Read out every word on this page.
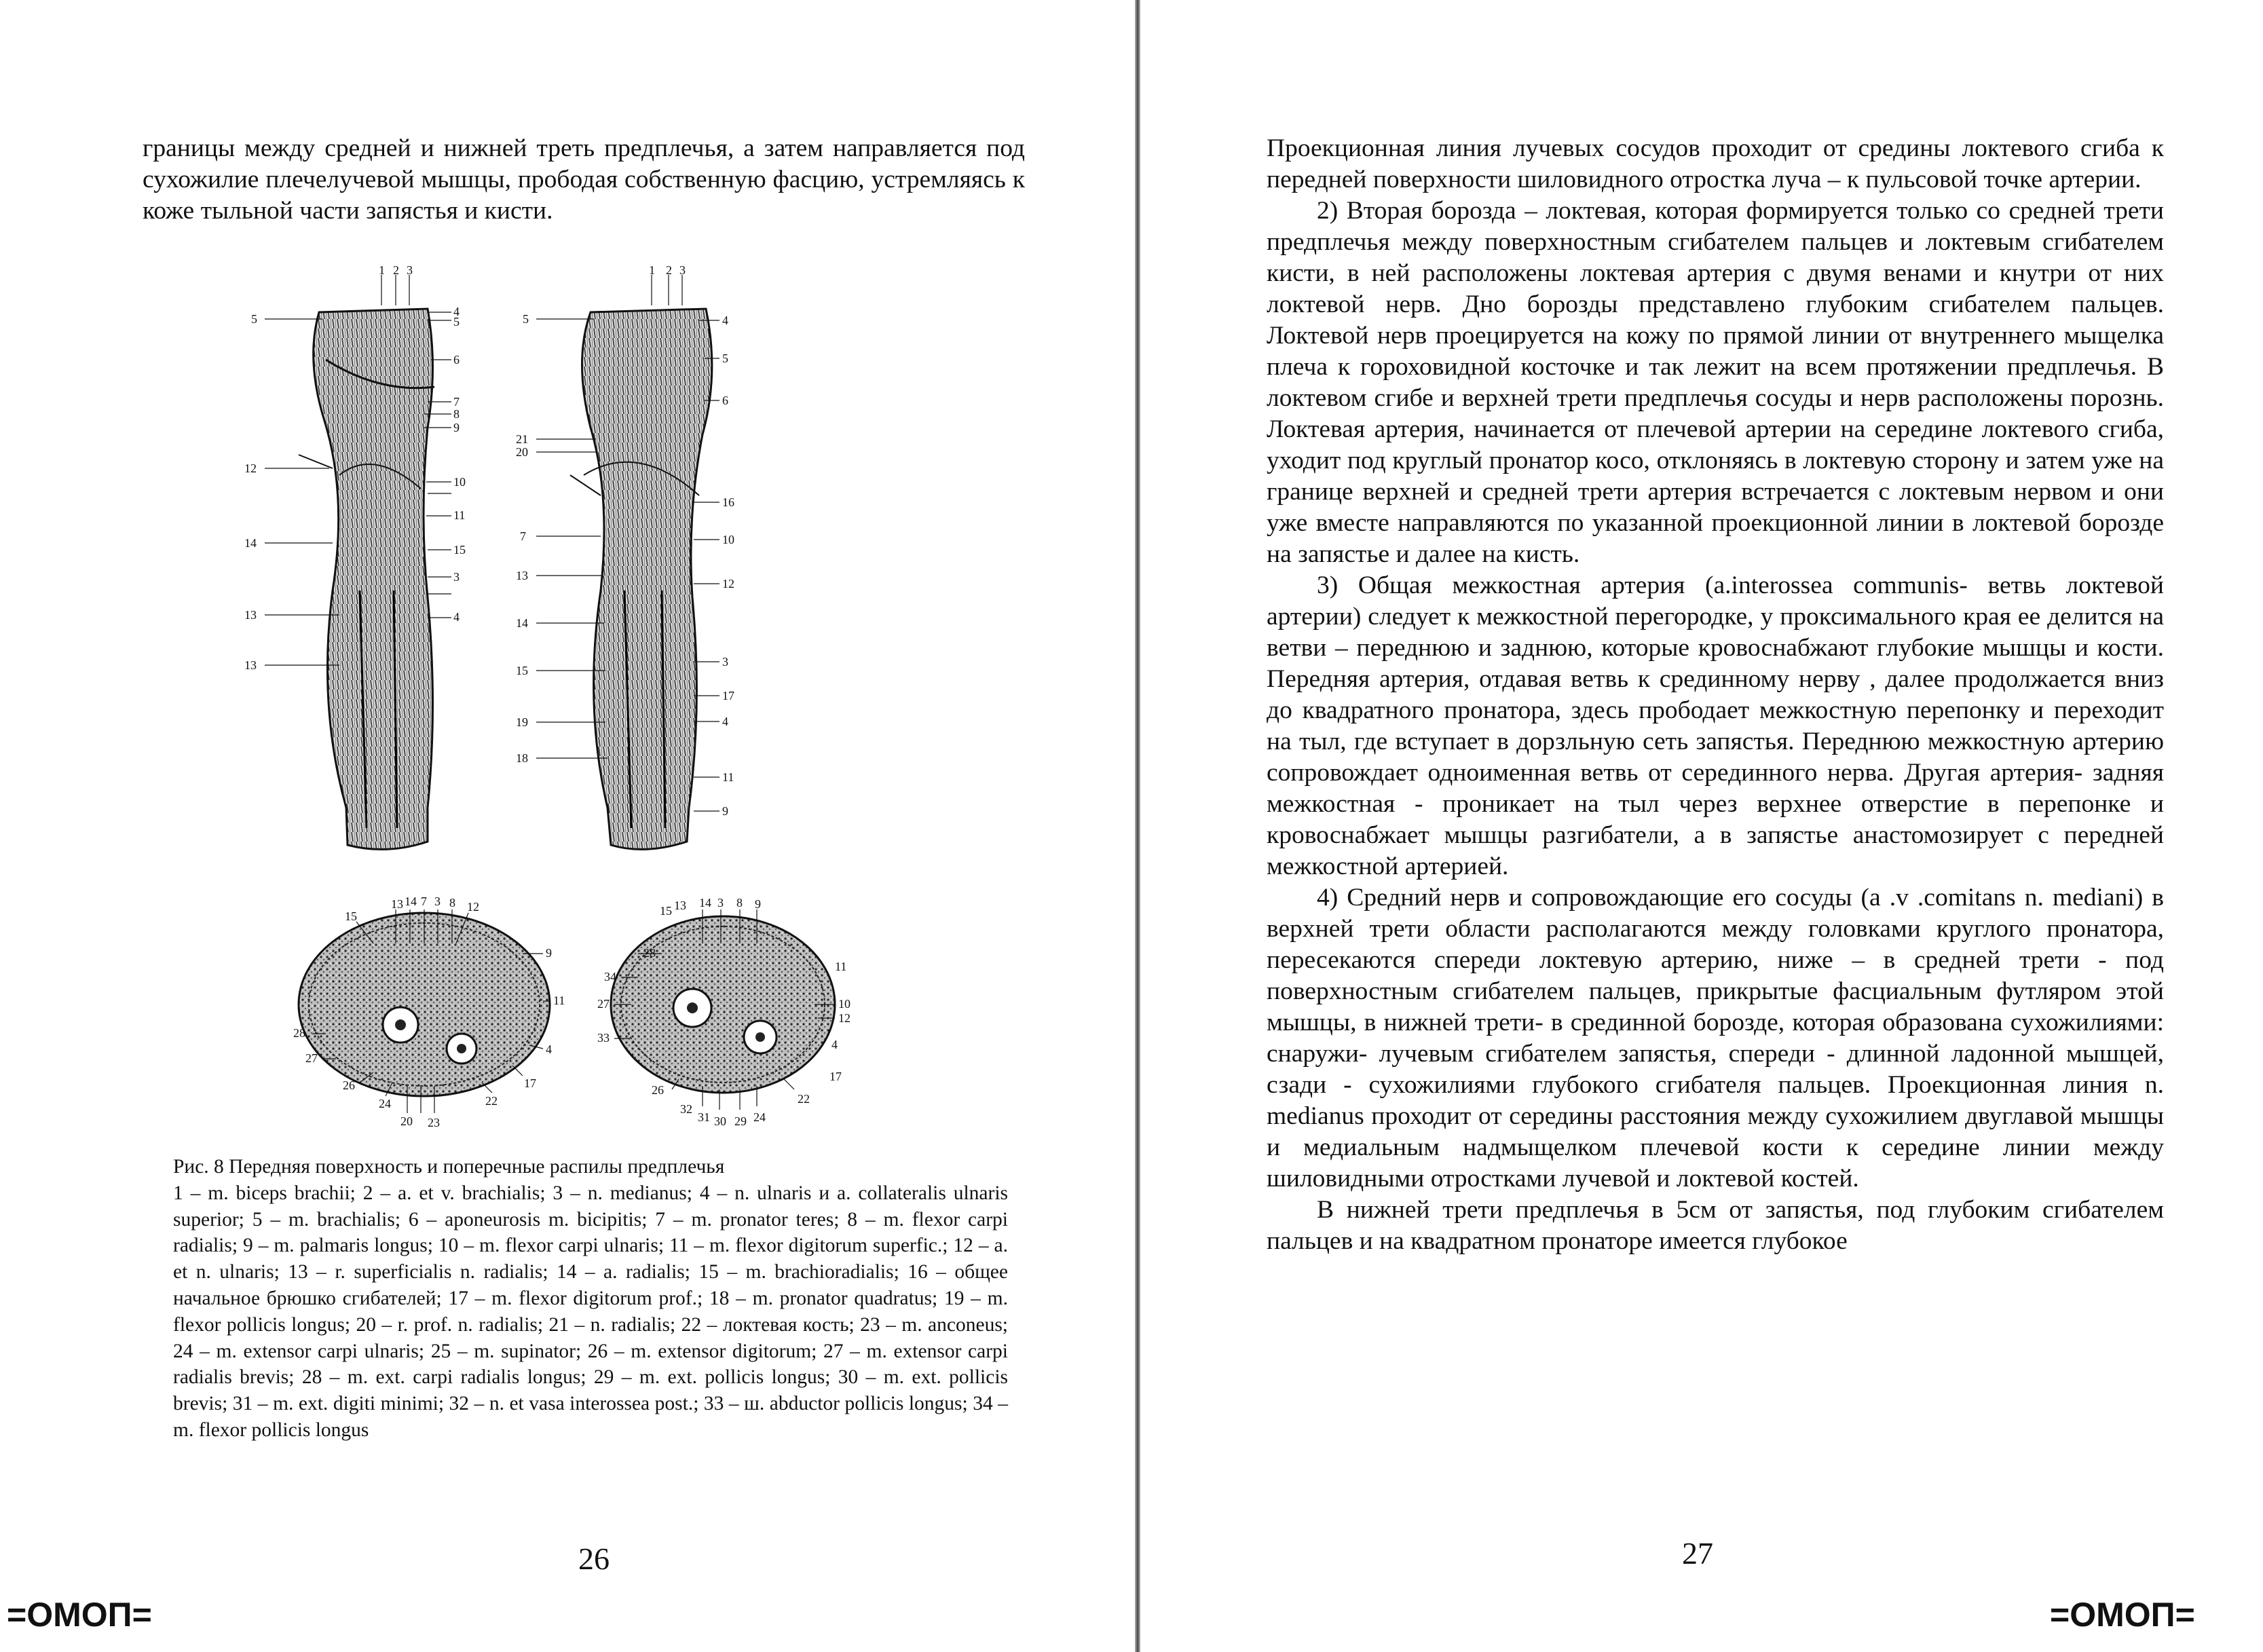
границы между средней и нижней треть предплечья, а затем направляется под сухожилие плечелучевой мышцы, прободая собственную фасцию, устремляясь к коже тыльной части запястья и кисти.

1 2 3
4
5
5
6
7
8
9
10
11
12
13
13
14	15
4
3
1 2 3
4
5
6
16
10
12
3
17
4
11
9
5
21
20
7
13
14
15
19
18
13 14 7 3 8 12
15
9
11
28
27
26
24
20 23
22
17
4
15 13 14 3 8 9
28
34
11
27	10
12
33	4
26
32
31 30 29 24
22
17
Рис. 8 Передняя поверхность и поперечные распилы предплечья
1 – m. biceps brachii; 2 – a. et v. brachialis; 3 – n. medianus; 4 – n. ulnaris и a. collateralis ulnaris superior; 5 – m. brachialis; 6 – aponeurosis m. bicipitis; 7 – m. pronator teres; 8 – m. flexor carpi radialis; 9 – m. palmaris longus; 10 – m. flexor carpi ulnaris; 11 – m. flexor digitorum superfic.; 12 – a. et n. ulnaris; 13 – r. superficialis n. radialis; 14 – a. radialis; 15 – m. brachioradialis; 16 – общее начальное брюшко сгибателей; 17 – m. flexor digitorum prof.; 18 – m. pronator quadratus; 19 – m. flexor pollicis longus; 20 – r. prof. n. radialis; 21 – n. radialis; 22 – локтевая кость; 23 – m. anconeus; 24 – m. extensor carpi ulnaris; 25 – m. supinator; 26 – m. extensor digitorum; 27 – m. extensor carpi radialis brevis; 28 – m. ext. carpi radialis longus; 29 – m. ext. pollicis longus; 30 – m. ext. pollicis brevis; 31 – m. ext. digiti minimi; 32 – n. et vasa interossea post.; 33 – ш. abductor pollicis longus; 34 – m. flexor pollicis longus
26
=ОМОП=

Проекционная линия лучевых сосудов проходит от средины локтевого сгиба к передней поверхности шиловидного отростка луча – к пульсовой точке артерии.

2) Вторая борозда – локтевая, которая формируется только со средней трети предплечья между поверхностным сгибателем пальцев и локтевым сгибателем кисти, в ней расположены локтевая артерия с двумя венами и кнутри от них локтевой нерв. Дно борозды представлено глубоким сгибателем пальцев. Локтевой нерв проецируется на кожу по прямой линии от внутреннего мыщелка плеча к гороховидной косточке и так лежит на всем протяжении предплечья. В локтевом сгибе и верхней трети предплечья сосуды и нерв расположены порознь. Локтевая артерия, начинается от плечевой артерии на середине локтевого сгиба, уходит под круглый пронатор косо, отклоняясь в локтевую сторону и затем уже на границе верхней и средней трети артерия встречается с локтевым нервом и они уже вместе направляются по указанной проекционной линии в локтевой борозде на запястье и далее на кисть.

3) Общая межкостная артерия (a.interossea communis- ветвь локтевой артерии) следует к межкостной перегородке, у проксимального края ее делится на ветви – переднюю и заднюю, которые кровоснабжают глубокие мышцы и кости. Передняя артерия, отдавая ветвь к срединному нерву , далее продолжается вниз до квадратного пронатора, здесь прободает межкостную перепонку и переходит на тыл, где вступает в дорзльную сеть запястья. Переднюю межкостную артерию сопровождает одноименная ветвь от серединного нерва. Другая артерия- задняя межкостная - проникает на тыл через верхнее отверстие в перепонке и кровоснабжает мышцы разгибатели, а в запястье анастомозирует с передней межкостной артерией.

4) Средний нерв и сопровождающие его сосуды (a .v .comitans n. mediani) в верхней трети области располагаются между головками круглого пронатора, пересекаются спереди локтевую артерию, ниже – в средней трети - под поверхностным сгибателем пальцев, прикрытые фасциальным футляром этой мышцы, в нижней трети- в срединной борозде, которая образована сухожилиями: снаружи- лучевым сгибателем запястья, спереди - длинной ладонной мышцей, сзади - сухожилиями глубокого сгибателя пальцев. Проекционная линия n. medianus проходит от середины расстояния между сухожилием двуглавой мышцы и медиальным надмыщелком плечевой кости к середине линии между шиловидными отростками лучевой и локтевой костей.

В нижней трети предплечья в 5см от запястья, под глубоким сгибателем пальцев и на квадратном пронаторе имеется глубокое

27
=ОМОП=
